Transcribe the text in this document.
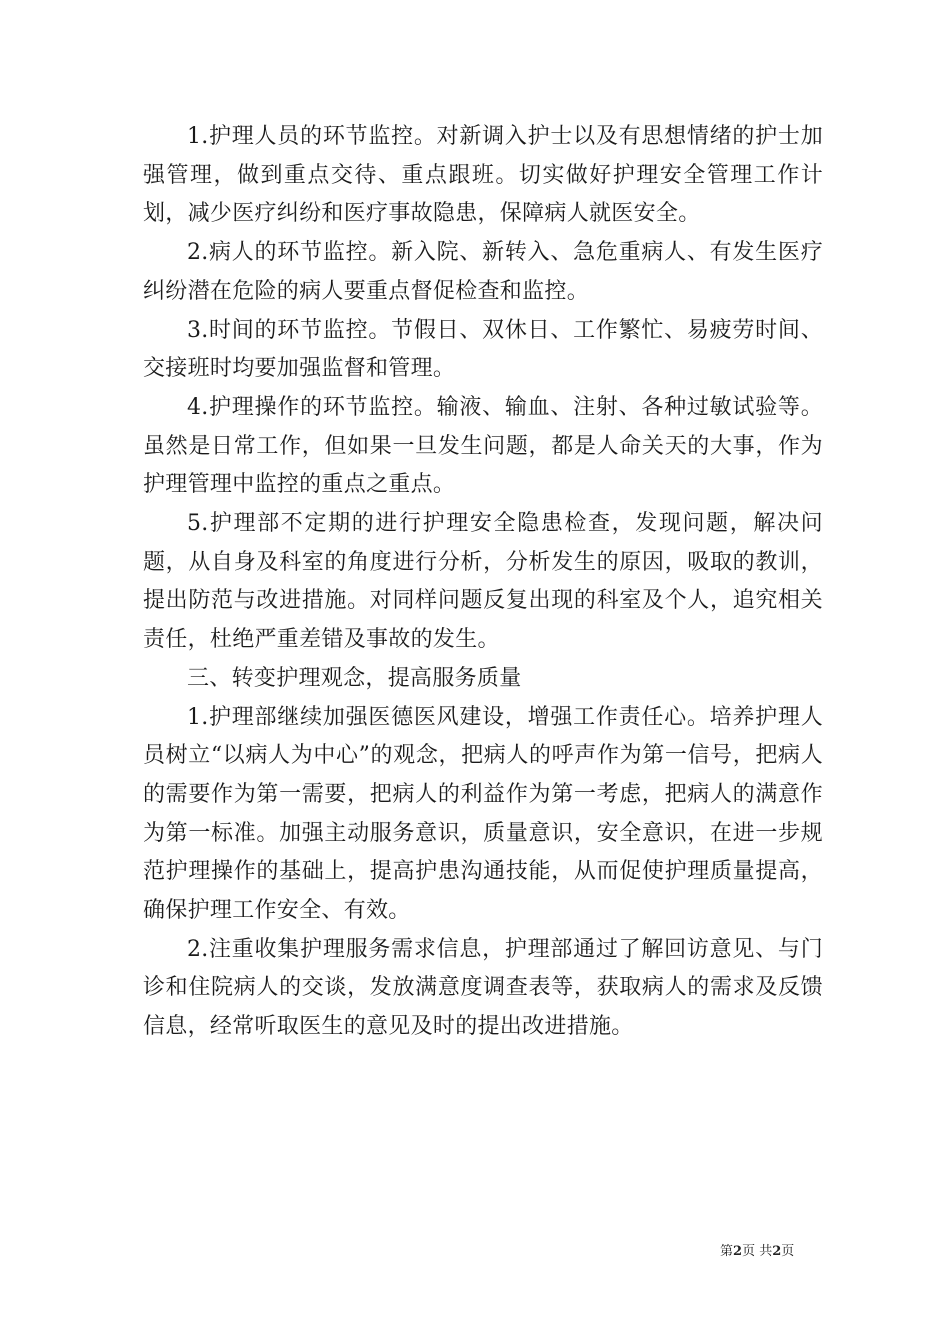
1.护理人员的环节监控。对新调入护士以及有思想情绪的护士加强管理，做到重点交待、重点跟班。切实做好护理安全管理工作计划，减少医疗纠纷和医疗事故隐患，保障病人就医安全。

2.病人的环节监控。新入院、新转入、急危重病人、有发生医疗纠纷潜在危险的病人要重点督促检查和监控。

3.时间的环节监控。节假日、双休日、工作繁忙、易疲劳时间、交接班时均要加强监督和管理。

4.护理操作的环节监控。输液、输血、注射、各种过敏试验等。虽然是日常工作，但如果一旦发生问题，都是人命关天的大事，作为护理管理中监控的重点之重点。

5.护理部不定期的进行护理安全隐患检查，发现问题，解决问题，从自身及科室的角度进行分析，分析发生的原因，吸取的教训，提出防范与改进措施。对同样问题反复出现的科室及个人，追究相关责任，杜绝严重差错及事故的发生。

三、转变护理观念，提高服务质量

1.护理部继续加强医德医风建设，增强工作责任心。培养护理人员树立“以病人为中心”的观念，把病人的呼声作为第一信号，把病人的需要作为第一需要，把病人的利益作为第一考虑，把病人的满意作为第一标准。加强主动服务意识，质量意识，安全意识，在进一步规范护理操作的基础上，提高护患沟通技能，从而促使护理质量提高，确保护理工作安全、有效。

2.注重收集护理服务需求信息，护理部通过了解回访意见、与门诊和住院病人的交谈，发放满意度调查表等，获取病人的需求及反馈信息，经常听取医生的意见及时的提出改进措施。

第2页 共2页
